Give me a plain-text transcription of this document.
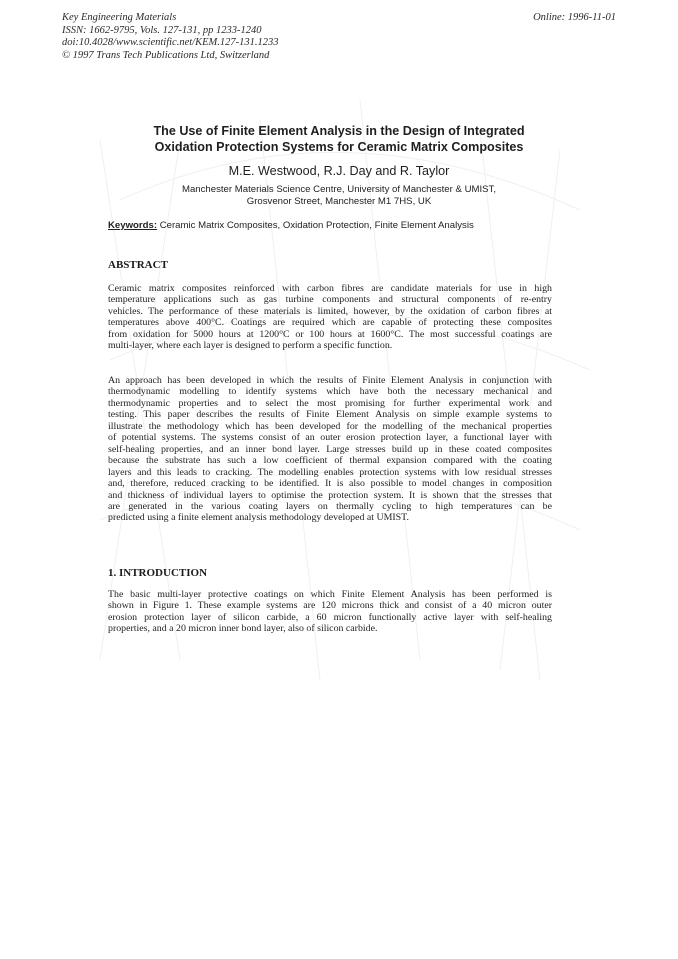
Key Engineering Materials
ISSN: 1662-9795, Vols. 127-131, pp 1233-1240
doi:10.4028/www.scientific.net/KEM.127-131.1233
© 1997 Trans Tech Publications Ltd, Switzerland
Online: 1996-11-01
The Use of Finite Element Analysis in the Design of Integrated
Oxidation Protection Systems for Ceramic Matrix Composites
M.E. Westwood, R.J. Day and R. Taylor
Manchester Materials Science Centre, University of Manchester & UMIST,
Grosvenor Street, Manchester M1 7HS, UK
Keywords: Ceramic Matrix Composites, Oxidation Protection, Finite Element Analysis
ABSTRACT
Ceramic matrix composites reinforced with carbon fibres are candidate materials for use in high
temperature applications such as gas turbine components and structural components of re-entry
vehicles. The performance of these materials is limited, however, by the oxidation of carbon fibres at
temperatures above 400°C. Coatings are required which are capable of protecting these composites
from oxidation for 5000 hours at 1200°C or 100 hours at 1600°C. The most successful coatings are
multi-layer, where each layer is designed to perform a specific function.
An approach has been developed in which the results of Finite Element Analysis in conjunction with
thermodynamic modelling to identify systems which have both the necessary mechanical and
thermodynamic properties and to select the most promising for further experimental work and
testing. This paper describes the results of Finite Element Analysis on simple example systems to
illustrate the methodology which has been developed for the modelling of the mechanical properties
of potential systems. The systems consist of an outer erosion protection layer, a functional layer with
self-healing properties, and an inner bond layer. Large stresses build up in these coated composites
because the substrate has such a low coefficient of thermal expansion compared with the coating
layers and this leads to cracking. The modelling enables protection systems with low residual stresses
and, therefore, reduced cracking to be identified. It is also possible to model changes in composition
and thickness of individual layers to optimise the protection system. It is shown that the stresses that
are generated in the various coating layers on thermally cycling to high temperatures can be
predicted using a finite element analysis methodology developed at UMIST.
1. INTRODUCTION
The basic multi-layer protective coatings on which Finite Element Analysis has been performed is
shown in Figure 1. These example systems are 120 microns thick and consist of a 40 micron outer
erosion protection layer of silicon carbide, a 60 micron functionally active layer with self-healing
properties, and a 20 micron inner bond layer, also of silicon carbide.
